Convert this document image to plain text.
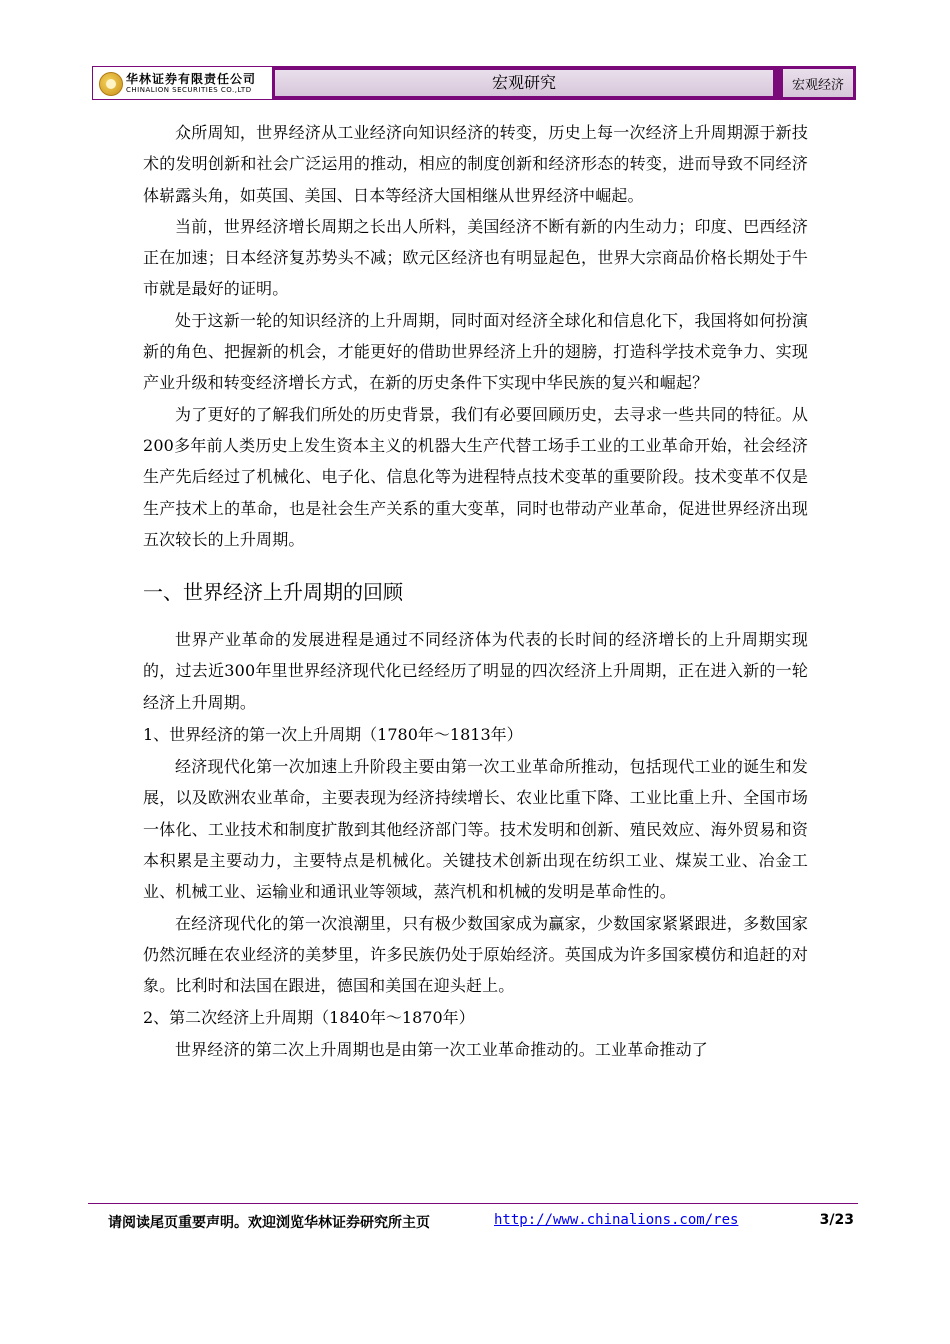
华林证券有限责任公司
CHINALION SECURITIES CO.,LTD	宏观研究	宏观经济

众所周知，世界经济从工业经济向知识经济的转变，历史上每一次经济上升周期源于新技术的发明创新和社会广泛运用的推动，相应的制度创新和经济形态的转变，进而导致不同经济体崭露头角，如英国、美国、日本等经济大国相继从世界经济中崛起。

当前，世界经济增长周期之长出人所料，美国经济不断有新的内生动力；印度、巴西经济正在加速；日本经济复苏势头不减；欧元区经济也有明显起色，世界大宗商品价格长期处于牛市就是最好的证明。

处于这新一轮的知识经济的上升周期，同时面对经济全球化和信息化下，我国将如何扮演新的角色、把握新的机会，才能更好的借助世界经济上升的翅膀，打造科学技术竞争力、实现产业升级和转变经济增长方式，在新的历史条件下实现中华民族的复兴和崛起？

为了更好的了解我们所处的历史背景，我们有必要回顾历史，去寻求一些共同的特征。从200多年前人类历史上发生资本主义的机器大生产代替工场手工业的工业革命开始，社会经济生产先后经过了机械化、电子化、信息化等为进程特点技术变革的重要阶段。技术变革不仅是生产技术上的革命，也是社会生产关系的重大变革，同时也带动产业革命，促进世界经济出现五次较长的上升周期。

一、世界经济上升周期的回顾

世界产业革命的发展进程是通过不同经济体为代表的长时间的经济增长的上升周期实现的，过去近300年里世界经济现代化已经经历了明显的四次经济上升周期，正在进入新的一轮经济上升周期。

1、世界经济的第一次上升周期（1780年～1813年）

经济现代化第一次加速上升阶段主要由第一次工业革命所推动，包括现代工业的诞生和发展，以及欧洲农业革命，主要表现为经济持续增长、农业比重下降、工业比重上升、全国市场一体化、工业技术和制度扩散到其他经济部门等。技术发明和创新、殖民效应、海外贸易和资本积累是主要动力，主要特点是机械化。关键技术创新出现在纺织工业、煤炭工业、冶金工业、机械工业、运输业和通讯业等领域，蒸汽机和机械的发明是革命性的。

在经济现代化的第一次浪潮里，只有极少数国家成为赢家，少数国家紧紧跟进，多数国家仍然沉睡在农业经济的美梦里，许多民族仍处于原始经济。英国成为许多国家模仿和追赶的对象。比利时和法国在跟进，德国和美国在迎头赶上。

2、第二次经济上升周期（1840年～1870年）

世界经济的第二次上升周期也是由第一次工业革命推动的。工业革命推动了

请阅读尾页重要声明。欢迎浏览华林证券研究所主页	http://www.chinalions.com/res	3/23
